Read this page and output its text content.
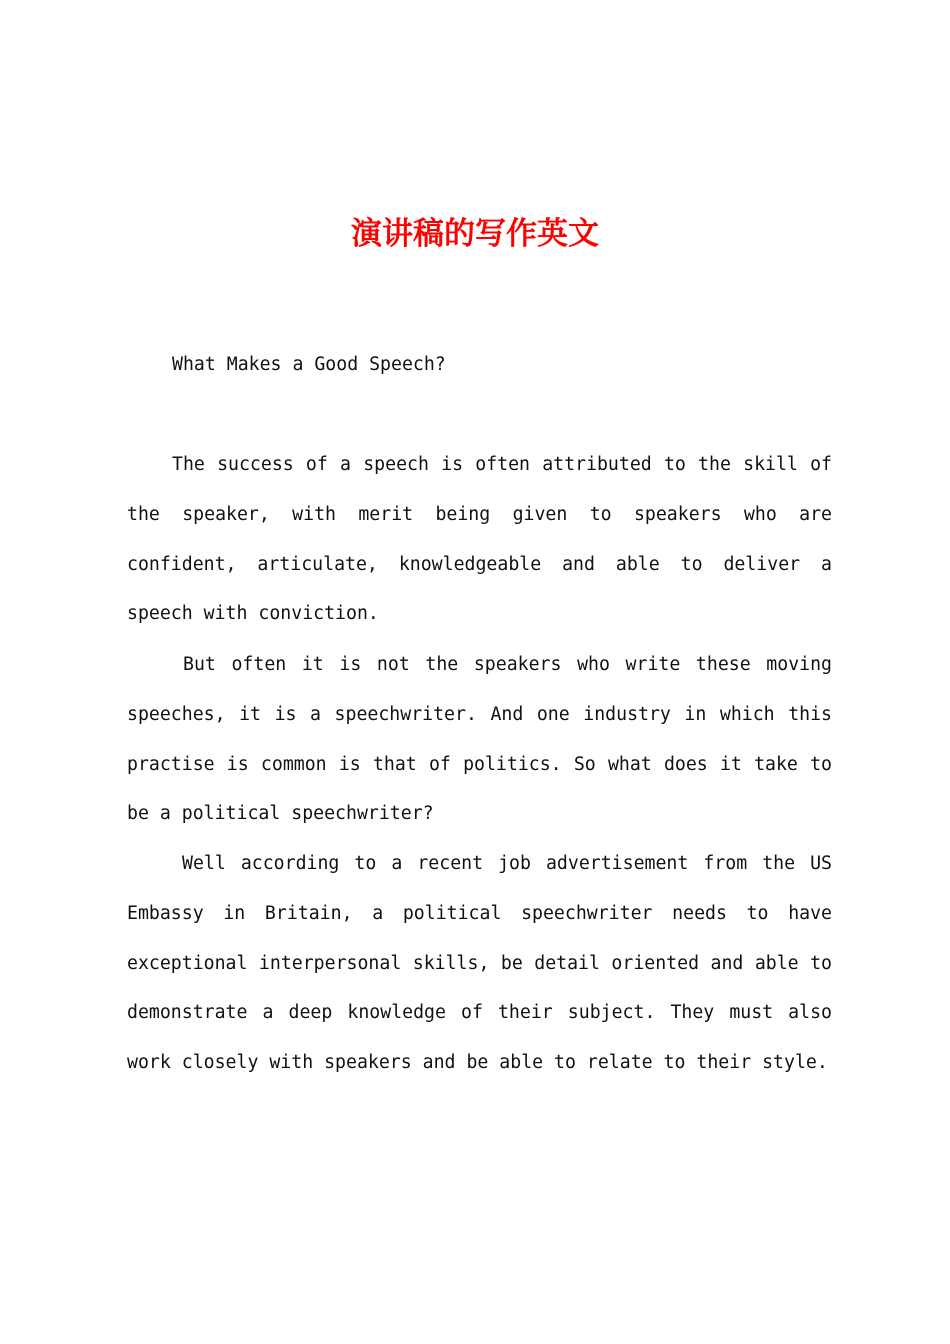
演讲稿的写作英文

What Makes a Good Speech?

The success of a speech is often attributed to the skill of the speaker, with merit being given to speakers who are confident, articulate, knowledgeable and able to deliver a speech with conviction.

But often it is not the speakers who write these moving speeches, it is a speechwriter. And one industry in which this practise is common is that of politics. So what does it take to be a political speechwriter?

Well according to a recent job advertisement from the US Embassy in Britain, a political speechwriter needs to have exceptional interpersonal skills, be detail oriented and able to demonstrate a deep knowledge of their subject. They must also work closely with speakers and be able to relate to their style.
